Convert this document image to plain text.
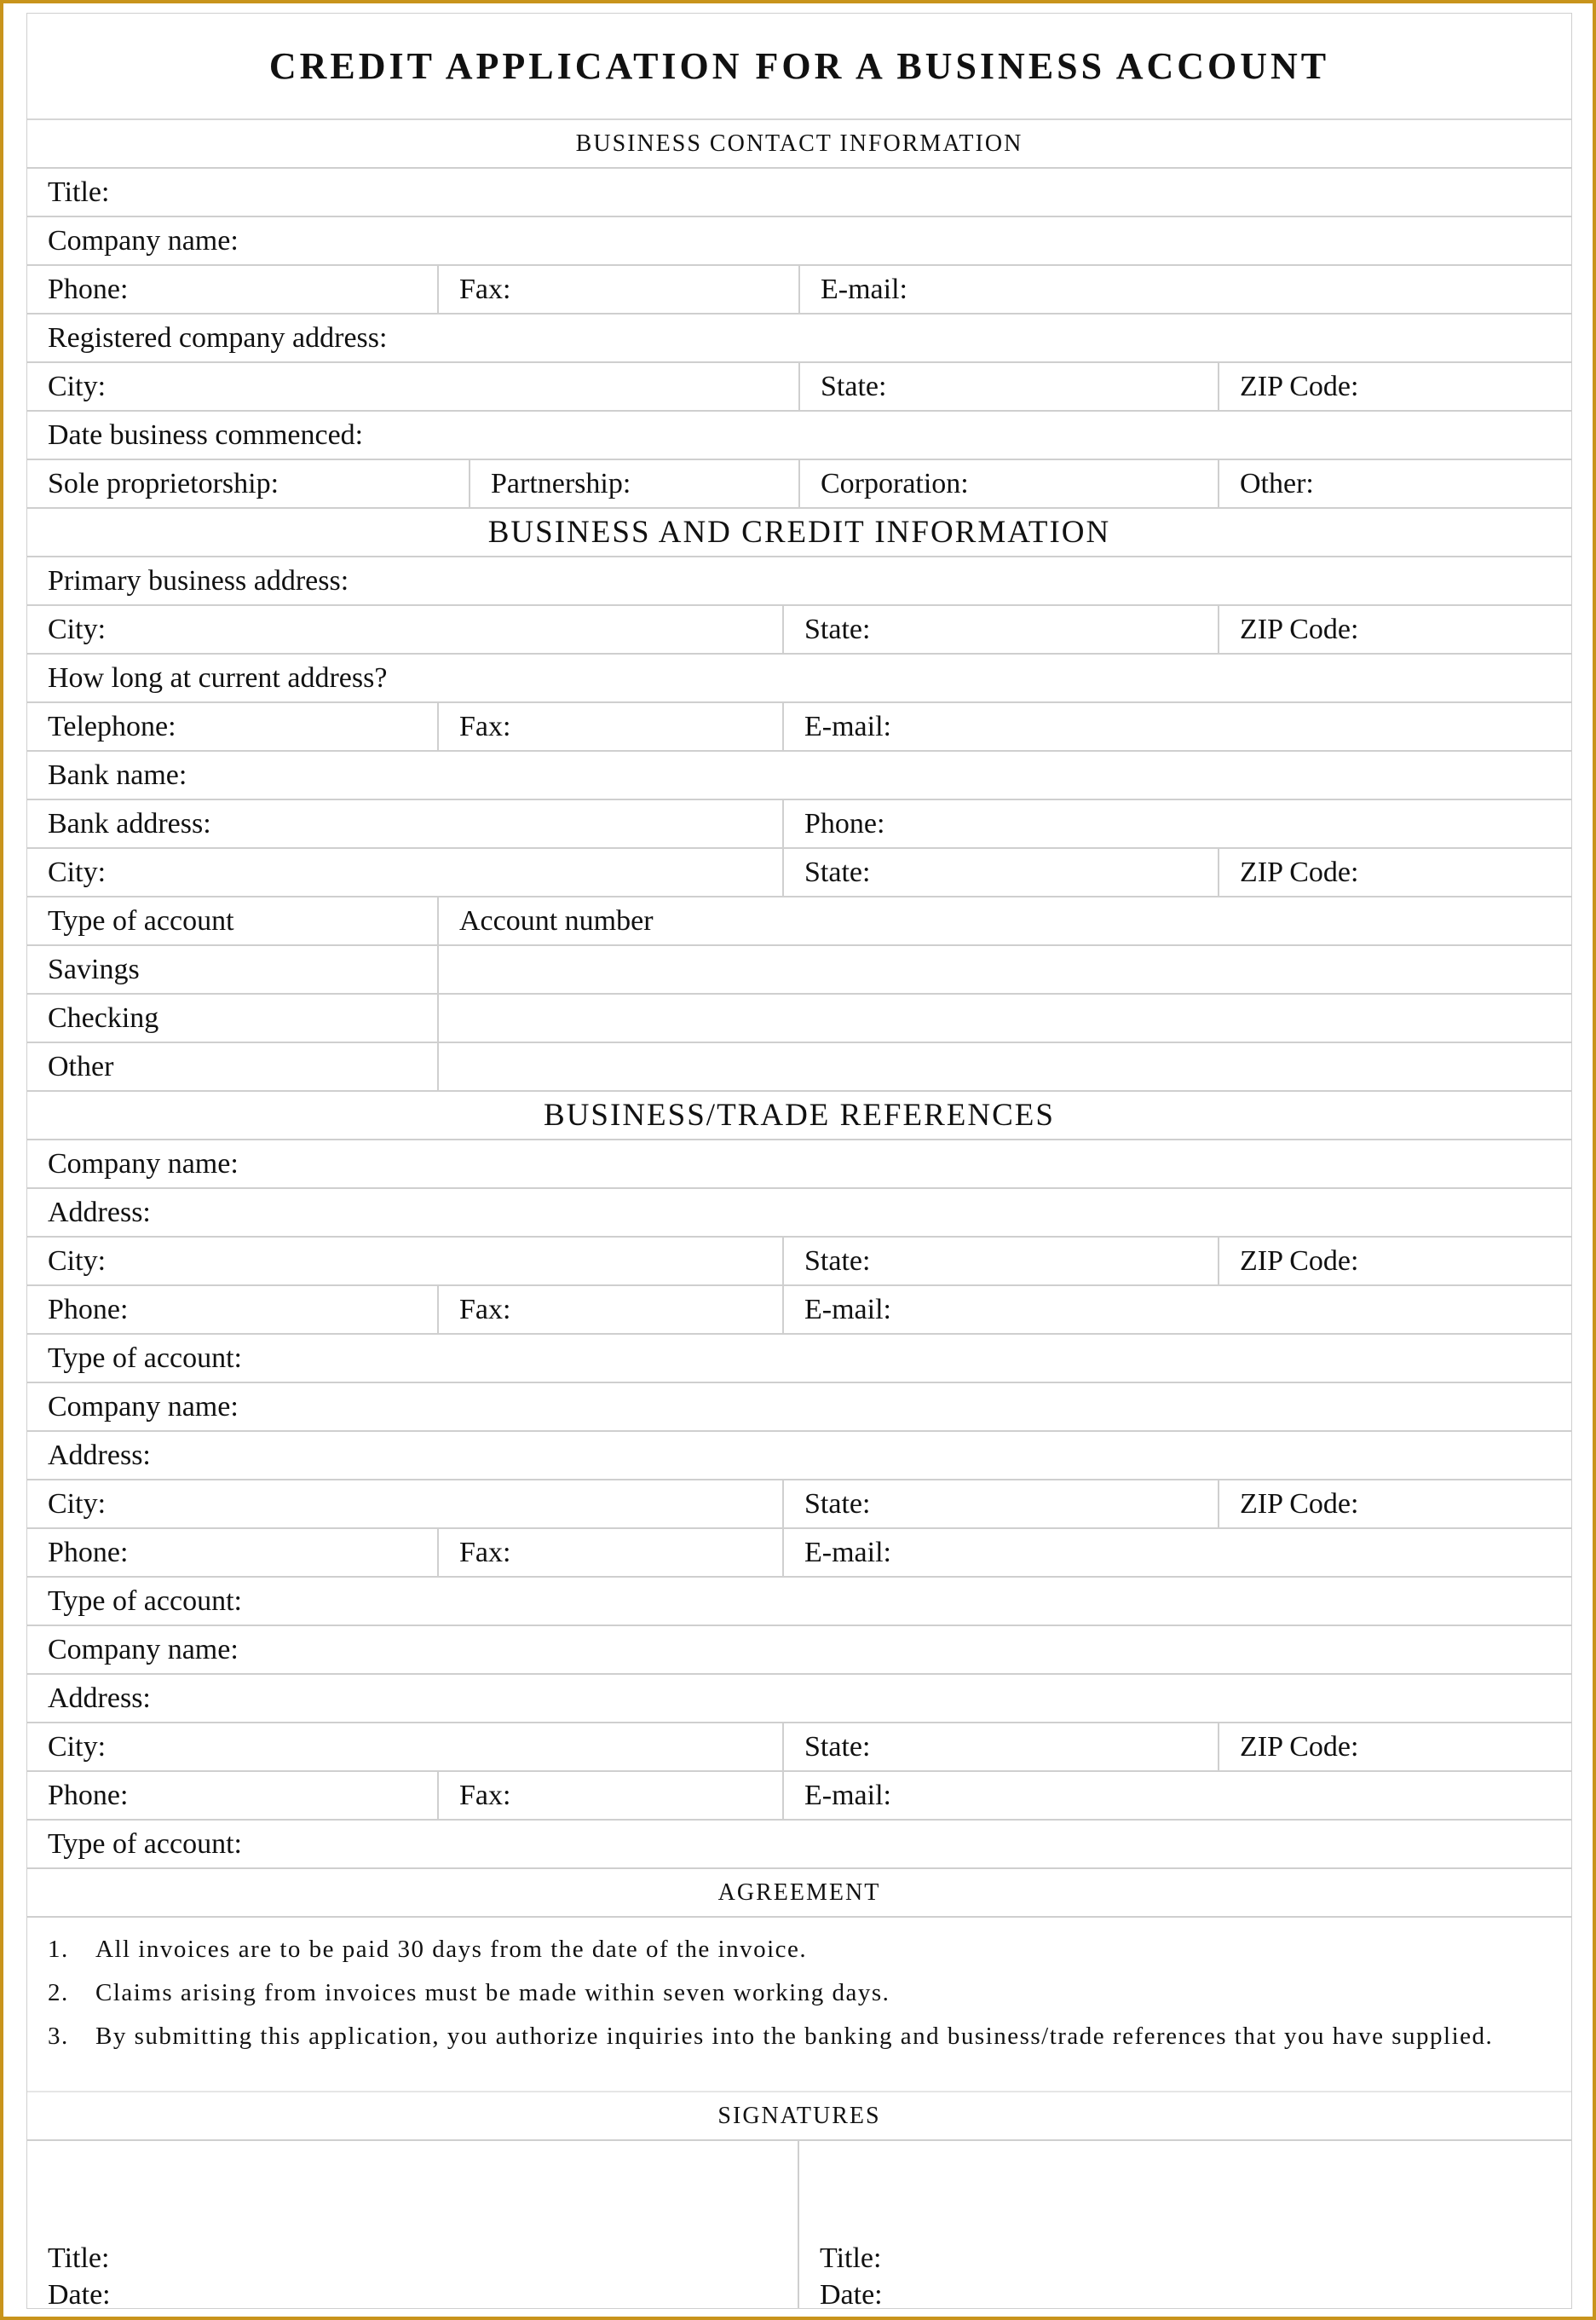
CREDIT APPLICATION FOR A BUSINESS ACCOUNT
BUSINESS CONTACT INFORMATION
Title:
Company name:
Phone:	Fax:	E-mail:
Registered company address:
City:	State:	ZIP Code:
Date business commenced:
Sole proprietorship:	Partnership:	Corporation:	Other:
BUSINESS AND CREDIT INFORMATION
Primary business address:
City:	State:	ZIP Code:
How long at current address?
Telephone:	Fax:	E-mail:
Bank name:
Bank address:	Phone:
City:	State:	ZIP Code:
Type of account	Account number
Savings
Checking
Other
BUSINESS/TRADE REFERENCES
Company name:
Address:
City:	State:	ZIP Code:
Phone:	Fax:	E-mail:
Type of account:
Company name:
Address:
City:	State:	ZIP Code:
Phone:	Fax:	E-mail:
Type of account:
Company name:
Address:
City:	State:	ZIP Code:
Phone:	Fax:	E-mail:
Type of account:
AGREEMENT
1.	All invoices are to be paid 30 days from the date of the invoice.
2.	Claims arising from invoices must be made within seven working days.
3.	By submitting this application, you authorize inquiries into the banking and business/trade references that you have supplied.
SIGNATURES
Title:
Date:
Title:
Date:
